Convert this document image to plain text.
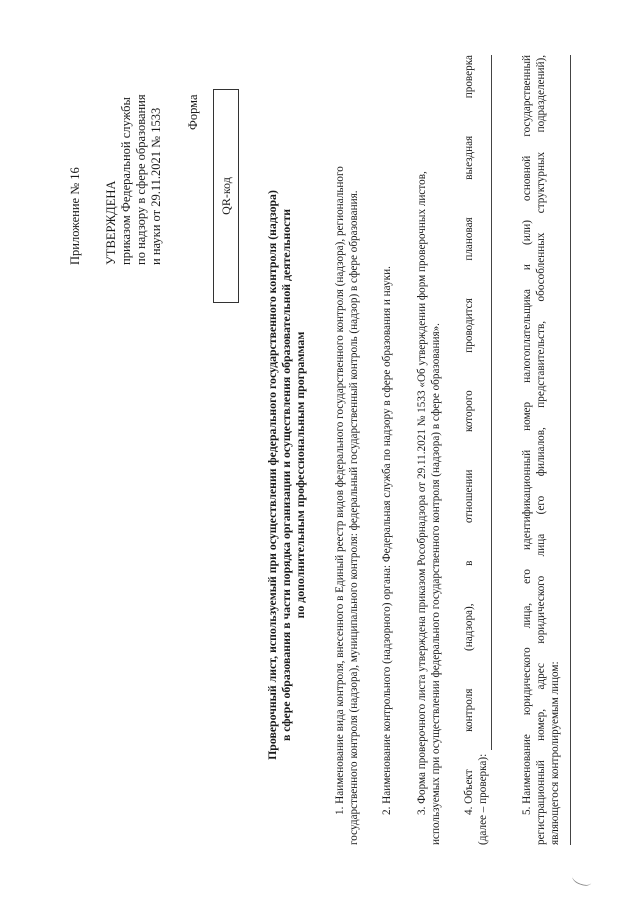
Приложение № 16 УТВЕРЖДЕНА приказом Федеральной службы по надзору в сфере образования и науки от 29.11.2021 № 1533 Форма
QR-код	Проверочный лист, используемый при осуществлении федерального государственного контроля (надзора) в сфере образования в части порядка организации и осуществления образовательной деятельности по дополнительным профессиональным программам 1. Наименование вида контроля, внесенного в Единый реестр видов федерального государственного контроля (надзора), регионального государственного контроля (надзора), муниципального контроля: федеральный государственный контроль (надзор) в сфере образования. 2. Наименование контрольного (надзорного) органа: Федеральная служба по надзору в сфере образования и науки. 3. Форма проверочного листа утверждена приказом Рособрнадзора от 29.11.2021 № 1533 «Об утверждении форм проверочных листов, используемых при осуществлении федерального государственного контроля (надзора) в сфере образования». 4. Объект
контроля
(надзора),
в
отношении
которого
проводится
плановая
выездная
проверка
(далее – проверка):	5. Наименование
юридического
лица,
его
идентификационный
номер
налогоплательщика
и
(или)
основной
государственный
регистрационный
номер,
адрес
юридического
лица
(его
филиалов,
представительств,
обособленных
структурных
подразделений),
являющегося контролируемым лицом:
